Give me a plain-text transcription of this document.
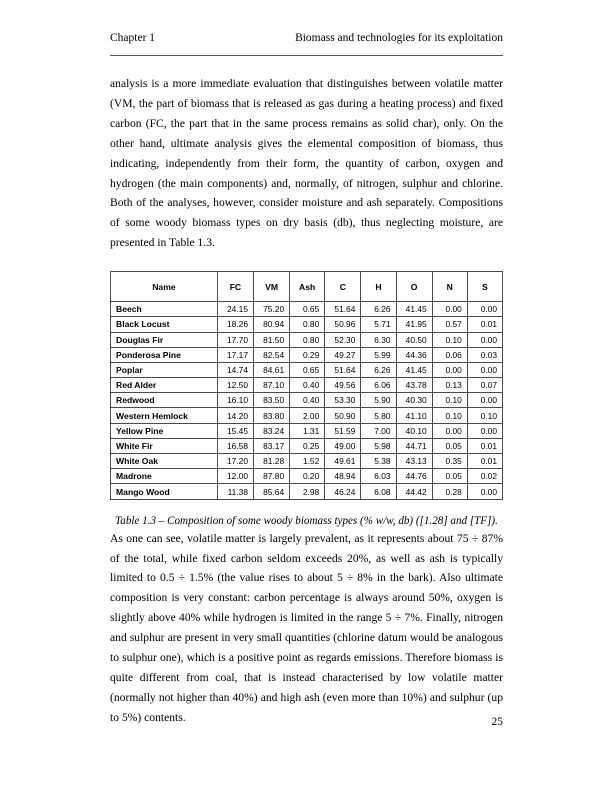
Chapter 1	Biomass and technologies for its exploitation

analysis is a more immediate evaluation that distinguishes between volatile matter (VM, the part of biomass that is released as gas during a heating process) and fixed carbon (FC, the part that in the same process remains as solid char), only. On the other hand, ultimate analysis gives the elemental composition of biomass, thus indicating, independently from their form, the quantity of carbon, oxygen and hydrogen (the main components) and, normally, of nitrogen, sulphur and chlorine. Both of the analyses, however, consider moisture and ash separately. Compositions of some woody biomass types on dry basis (db), thus neglecting moisture, are presented in Table 1.3.

Name	FC	VM	Ash	C	H	O	N	S
Beech	24.15	75.20	0.65	51.64	6.26	41.45	0.00	0.00
Black Locust	18.26	80.94	0.80	50.96	5.71	41.95	0.57	0.01
Douglas Fir	17.70	81.50	0.80	52.30	6.30	40.50	0.10	0.00
Ponderosa Pine	17.17	82.54	0.29	49.27	5.99	44.36	0.06	0.03
Poplar	14.74	84.61	0.65	51.64	6.26	41.45	0.00	0.00
Red Alder	12.50	87.10	0.40	49.56	6.06	43.78	0.13	0.07
Redwood	16.10	83.50	0.40	53.30	5.90	40.30	0.10	0.00
Western Hemlock	14.20	83.80	2.00	50.90	5.80	41.10	0.10	0.10
Yellow Pine	15.45	83.24	1.31	51.59	7.00	40.10	0.00	0.00
White Fir	16.58	83.17	0.25	49.00	5.98	44.71	0.05	0.01
White Oak	17.20	81.28	1.52	49.61	5.38	43.13	0.35	0.01
Madrone	12.00	87.80	0.20	48.94	6.03	44.76	0.05	0.02
Mango Wood	11.38	85.64	2.98	46.24	6.08	44.42	0.28	0.00
Table 1.3 – Composition of some woody biomass types (% w/w, db) ([1.28] and [TF]).

As one can see, volatile matter is largely prevalent, as it represents about 75 ÷ 87% of the total, while fixed carbon seldom exceeds 20%, as well as ash is typically limited to 0.5 ÷ 1.5% (the value rises to about 5 ÷ 8% in the bark). Also ultimate composition is very constant: carbon percentage is always around 50%, oxygen is slightly above 40% while hydrogen is limited in the range 5 ÷ 7%. Finally, nitrogen and sulphur are present in very small quantities (chlorine datum would be analogous to sulphur one), which is a positive point as regards emissions. Therefore biomass is quite different from coal, that is instead characterised by low volatile matter (normally not higher than 40%) and high ash (even more than 10%) and sulphur (up to 5%) contents.	25
